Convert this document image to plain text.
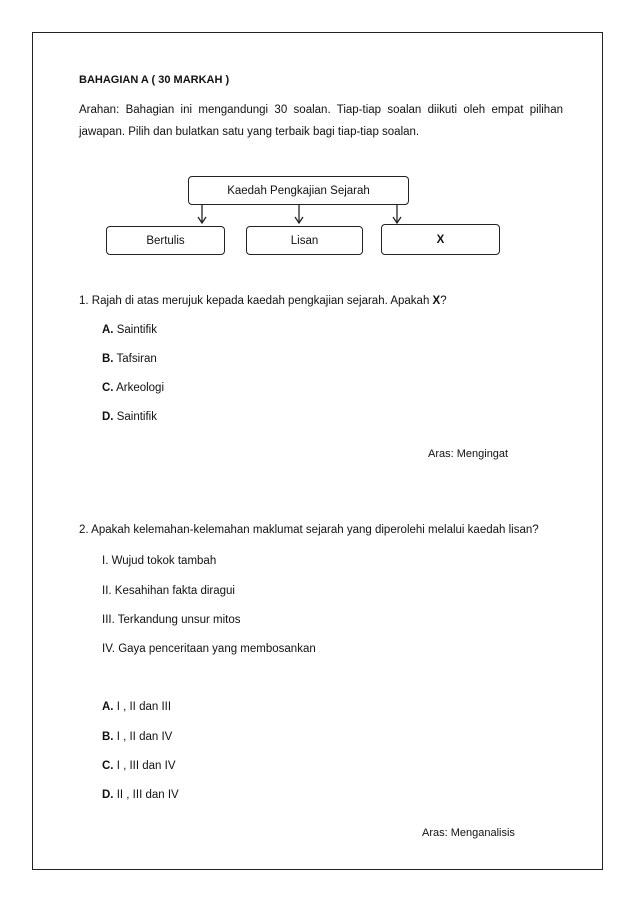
BAHAGIAN A ( 30 MARKAH )
Arahan: Bahagian ini mengandungi 30 soalan. Tiap-tiap soalan diikuti oleh empat pilihan jawapan. Pilih dan bulatkan satu yang terbaik bagi tiap-tiap soalan.
Kaedah Pengkajian Sejarah
Bertulis	Lisan	X
1. Rajah di atas merujuk kepada kaedah pengkajian sejarah. Apakah X?
A. Saintifik
B. Tafsiran
C. Arkeologi
D. Saintifik
Aras: Mengingat
2. Apakah kelemahan-kelemahan maklumat sejarah yang diperolehi melalui kaedah lisan?
I. Wujud tokok tambah
II. Kesahihan fakta diragui
III. Terkandung unsur mitos
IV. Gaya penceritaan yang membosankan
A. I , II dan III
B. I , II dan IV
C. I , III dan IV
D. II , III dan IV
Aras: Menganalisis
